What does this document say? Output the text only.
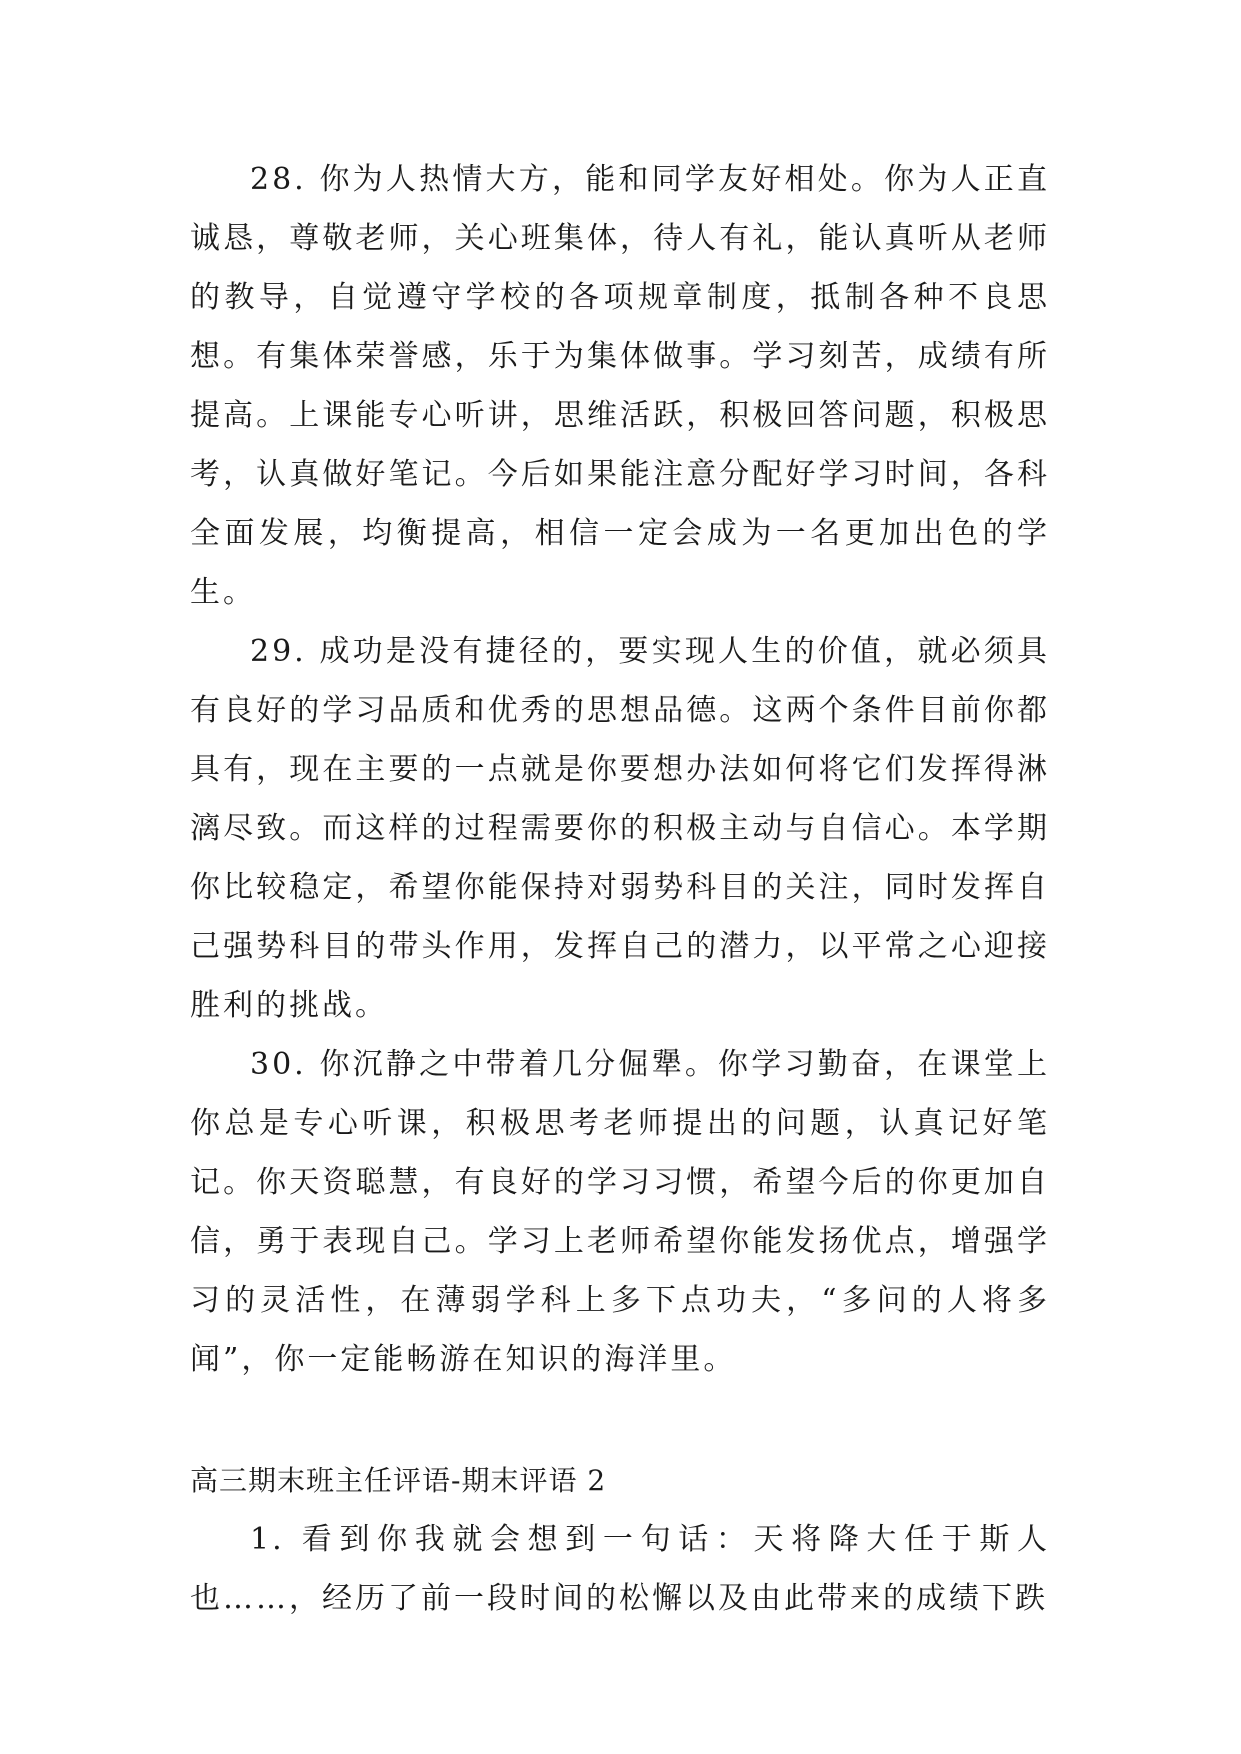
28. 你为人热情大方，能和同学友好相处。你为人正直诚恳，尊敬老师，关心班集体，待人有礼，能认真听从老师的教导，自觉遵守学校的各项规章制度，抵制各种不良思想。有集体荣誉感，乐于为集体做事。学习刻苦，成绩有所提高。上课能专心听讲，思维活跃，积极回答问题，积极思考，认真做好笔记。今后如果能注意分配好学习时间，各科全面发展，均衡提高，相信一定会成为一名更加出色的学生。

29. 成功是没有捷径的，要实现人生的价值，就必须具有良好的学习品质和优秀的思想品德。这两个条件目前你都具有，现在主要的一点就是你要想办法如何将它们发挥得淋漓尽致。而这样的过程需要你的积极主动与自信心。本学期你比较稳定，希望你能保持对弱势科目的关注，同时发挥自己强势科目的带头作用，发挥自己的潜力，以平常之心迎接胜利的挑战。

30. 你沉静之中带着几分倔犟。你学习勤奋，在课堂上你总是专心听课，积极思考老师提出的问题，认真记好笔记。你天资聪慧，有良好的学习习惯，希望今后的你更加自信，勇于表现自己。学习上老师希望你能发扬优点，增强学习的灵活性，在薄弱学科上多下点功夫，“多问的人将多闻”，你一定能畅游在知识的海洋里。

高三期末班主任评语-期末评语 2

1. 看到你我就会想到一句话：天将降大任于斯人也……，经历了前一段时间的松懈以及由此带来的成绩下跌
